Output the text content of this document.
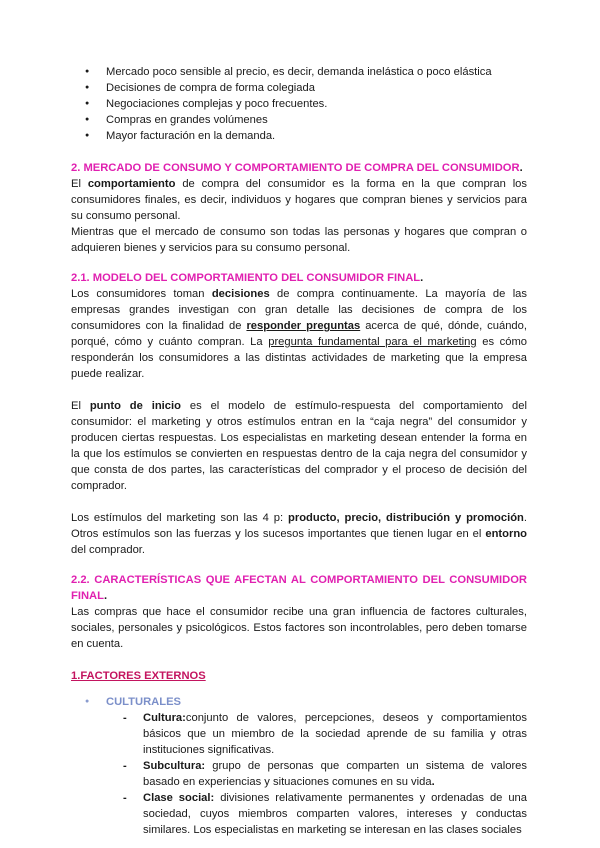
● Mercado poco sensible al precio, es decir, demanda inelástica o poco elástica
● Decisiones de compra de forma colegiada
● Negociaciones complejas y poco frecuentes.
● Compras en grandes volúmenes
● Mayor facturación en la demanda.

2. MERCADO DE CONSUMO Y COMPORTAMIENTO DE COMPRA DEL CONSUMIDOR.

El comportamiento de compra del consumidor es la forma en la que compran los consumidores finales, es decir, individuos y hogares que compran bienes y servicios para su consumo personal.

Mientras que el mercado de consumo son todas las personas y hogares que compran o adquieren bienes y servicios para su consumo personal.

2.1. MODELO DEL COMPORTAMIENTO DEL CONSUMIDOR FINAL.

Los consumidores toman decisiones de compra continuamente. La mayoría de las empresas grandes investigan con gran detalle las decisiones de compra de los consumidores con la finalidad de responder preguntas acerca de qué, dónde, cuándo, porqué, cómo y cuánto compran. La pregunta fundamental para el marketing es cómo responderán los consumidores a las distintas actividades de marketing que la empresa puede realizar.

El punto de inicio es el modelo de estímulo-respuesta del comportamiento del consumidor: el marketing y otros estímulos entran en la “caja negra” del consumidor y producen ciertas respuestas. Los especialistas en marketing desean entender la forma en la que los estímulos se convierten en respuestas dentro de la caja negra del consumidor y que consta de dos partes, las características del comprador y el proceso de decisión del comprador.

Los estímulos del marketing son las 4 p: producto, precio, distribución y promoción. Otros estímulos son las fuerzas y los sucesos importantes que tienen lugar en el entorno del comprador.

2.2. CARACTERÍSTICAS QUE AFECTAN AL COMPORTAMIENTO DEL CONSUMIDOR FINAL.

Las compras que hace el consumidor recibe una gran influencia de factores culturales, sociales, personales y psicológicos. Estos factores son incontrolables, pero deben tomarse en cuenta.

1.FACTORES EXTERNOS

● CULTURALES

- Cultura:conjunto de valores, percepciones, deseos y comportamientos básicos que un miembro de la sociedad aprende de su familia y otras instituciones significativas.
- Subcultura: grupo de personas que comparten un sistema de valores basado en experiencias y situaciones comunes en su vida.
- Clase social: divisiones relativamente permanentes y ordenadas de una sociedad, cuyos miembros comparten valores, intereses y conductas similares. Los especialistas en marketing se interesan en las clases sociales
